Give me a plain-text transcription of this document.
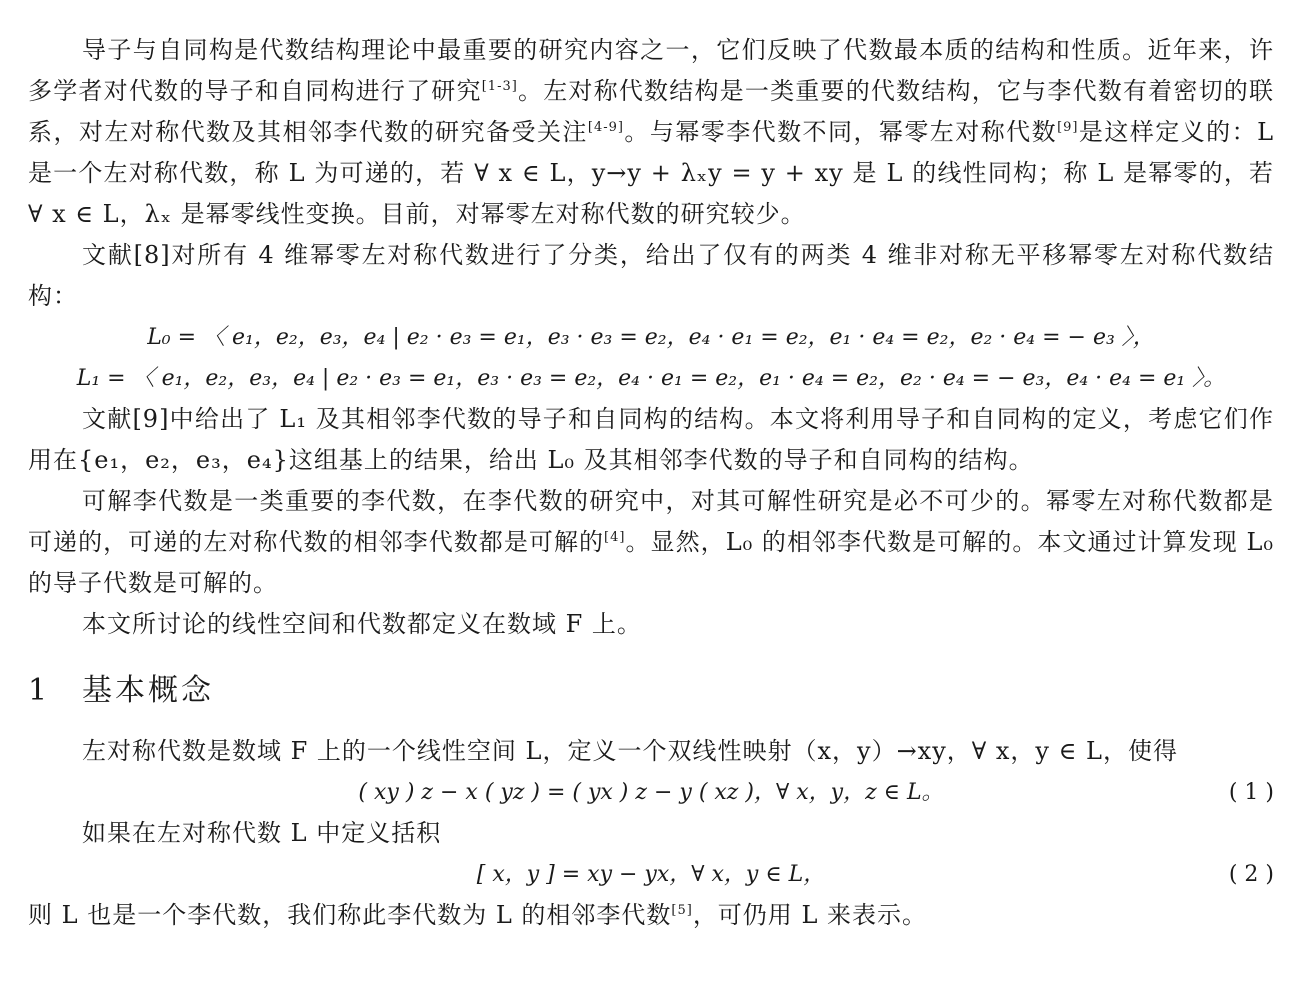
导子与自同构是代数结构理论中最重要的研究内容之一，它们反映了代数最本质的结构和性质。近年来，许多学者对代数的导子和自同构进行了研究[1-3]。左对称代数结构是一类重要的代数结构，它与李代数有着密切的联系，对左对称代数及其相邻李代数的研究备受关注[4-9]。与幂零李代数不同，幂零左对称代数[9]是这样定义的：L 是一个左对称代数，称 L 为可递的，若 ∀ x ∈ L，y→y + λₓy = y + xy 是 L 的线性同构；称 L 是幂零的，若 ∀ x ∈ L，λₓ 是幂零线性变换。目前，对幂零左对称代数的研究较少。

文献[8]对所有 4 维幂零左对称代数进行了分类，给出了仅有的两类 4 维非对称无平移幂零左对称代数结构：

L₀ = 〈 e₁，e₂，e₃，e₄ | e₂ · e₃ = e₁，e₃ · e₃ = e₂，e₄ · e₁ = e₂，e₁ · e₄ = e₂，e₂ · e₄ = − e₃ 〉，

L₁ = 〈 e₁，e₂，e₃，e₄ | e₂ · e₃ = e₁，e₃ · e₃ = e₂，e₄ · e₁ = e₂，e₁ · e₄ = e₂，e₂ · e₄ = − e₃，e₄ · e₄ = e₁ 〉。

文献[9]中给出了 L₁ 及其相邻李代数的导子和自同构的结构。本文将利用导子和自同构的定义，考虑它们作用在{e₁，e₂，e₃，e₄}这组基上的结果，给出 L₀ 及其相邻李代数的导子和自同构的结构。

可解李代数是一类重要的李代数，在李代数的研究中，对其可解性研究是必不可少的。幂零左对称代数都是可递的，可递的左对称代数的相邻李代数都是可解的[4]。显然，L₀ 的相邻李代数是可解的。本文通过计算发现 L₀ 的导子代数是可解的。

本文所讨论的线性空间和代数都定义在数域 F 上。

1 基本概念

左对称代数是数域 F 上的一个线性空间 L，定义一个双线性映射（x，y）→xy，∀ x，y ∈ L，使得

( xy ) z − x ( yz ) = ( yx ) z − y ( xz )，∀ x，y，z ∈ L。	( 1 )

如果在左对称代数 L 中定义括积

[ x，y ] = xy − yx，∀ x，y ∈ L，	( 2 )

则 L 也是一个李代数，我们称此李代数为 L 的相邻李代数[5]，可仍用 L 来表示。
